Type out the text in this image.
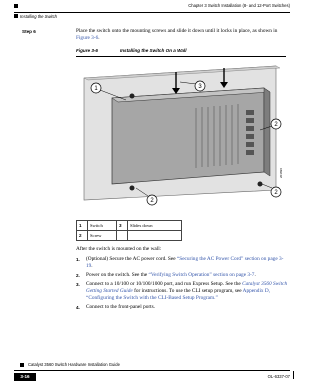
Chapter 3 Switch Installation (8- and 12-Port Switches)
Installing the Switch
Step 6	Place the switch onto the mounting screws and slide it down until it locks in place, as shown in Figure 3-6.
Figure 3-6	Installing the Switch On a Wall
1	3
2
2
2
201896
1	Switch	3	Slides down
2	Screw		
After the switch is mounted on the wall:
1. (Optional) Secure the AC power cord. See “Securing the AC Power Cord” section on page 3-19.
2. Power on the switch. See the “Verifying Switch Operation” section on page 3-7.
3. Connect to a 10/100 or 10/100/1000 port, and run Express Setup. See the Catalyst 3560 Switch Getting Started Guide for instructions. To use the CLI setup program, see Appendix D, “Configuring the Switch with the CLI-Based Setup Program.”
4. Connect to the front-panel ports.
Catalyst 3560 Switch Hardware Installation Guide
3-16	OL-6337-07
